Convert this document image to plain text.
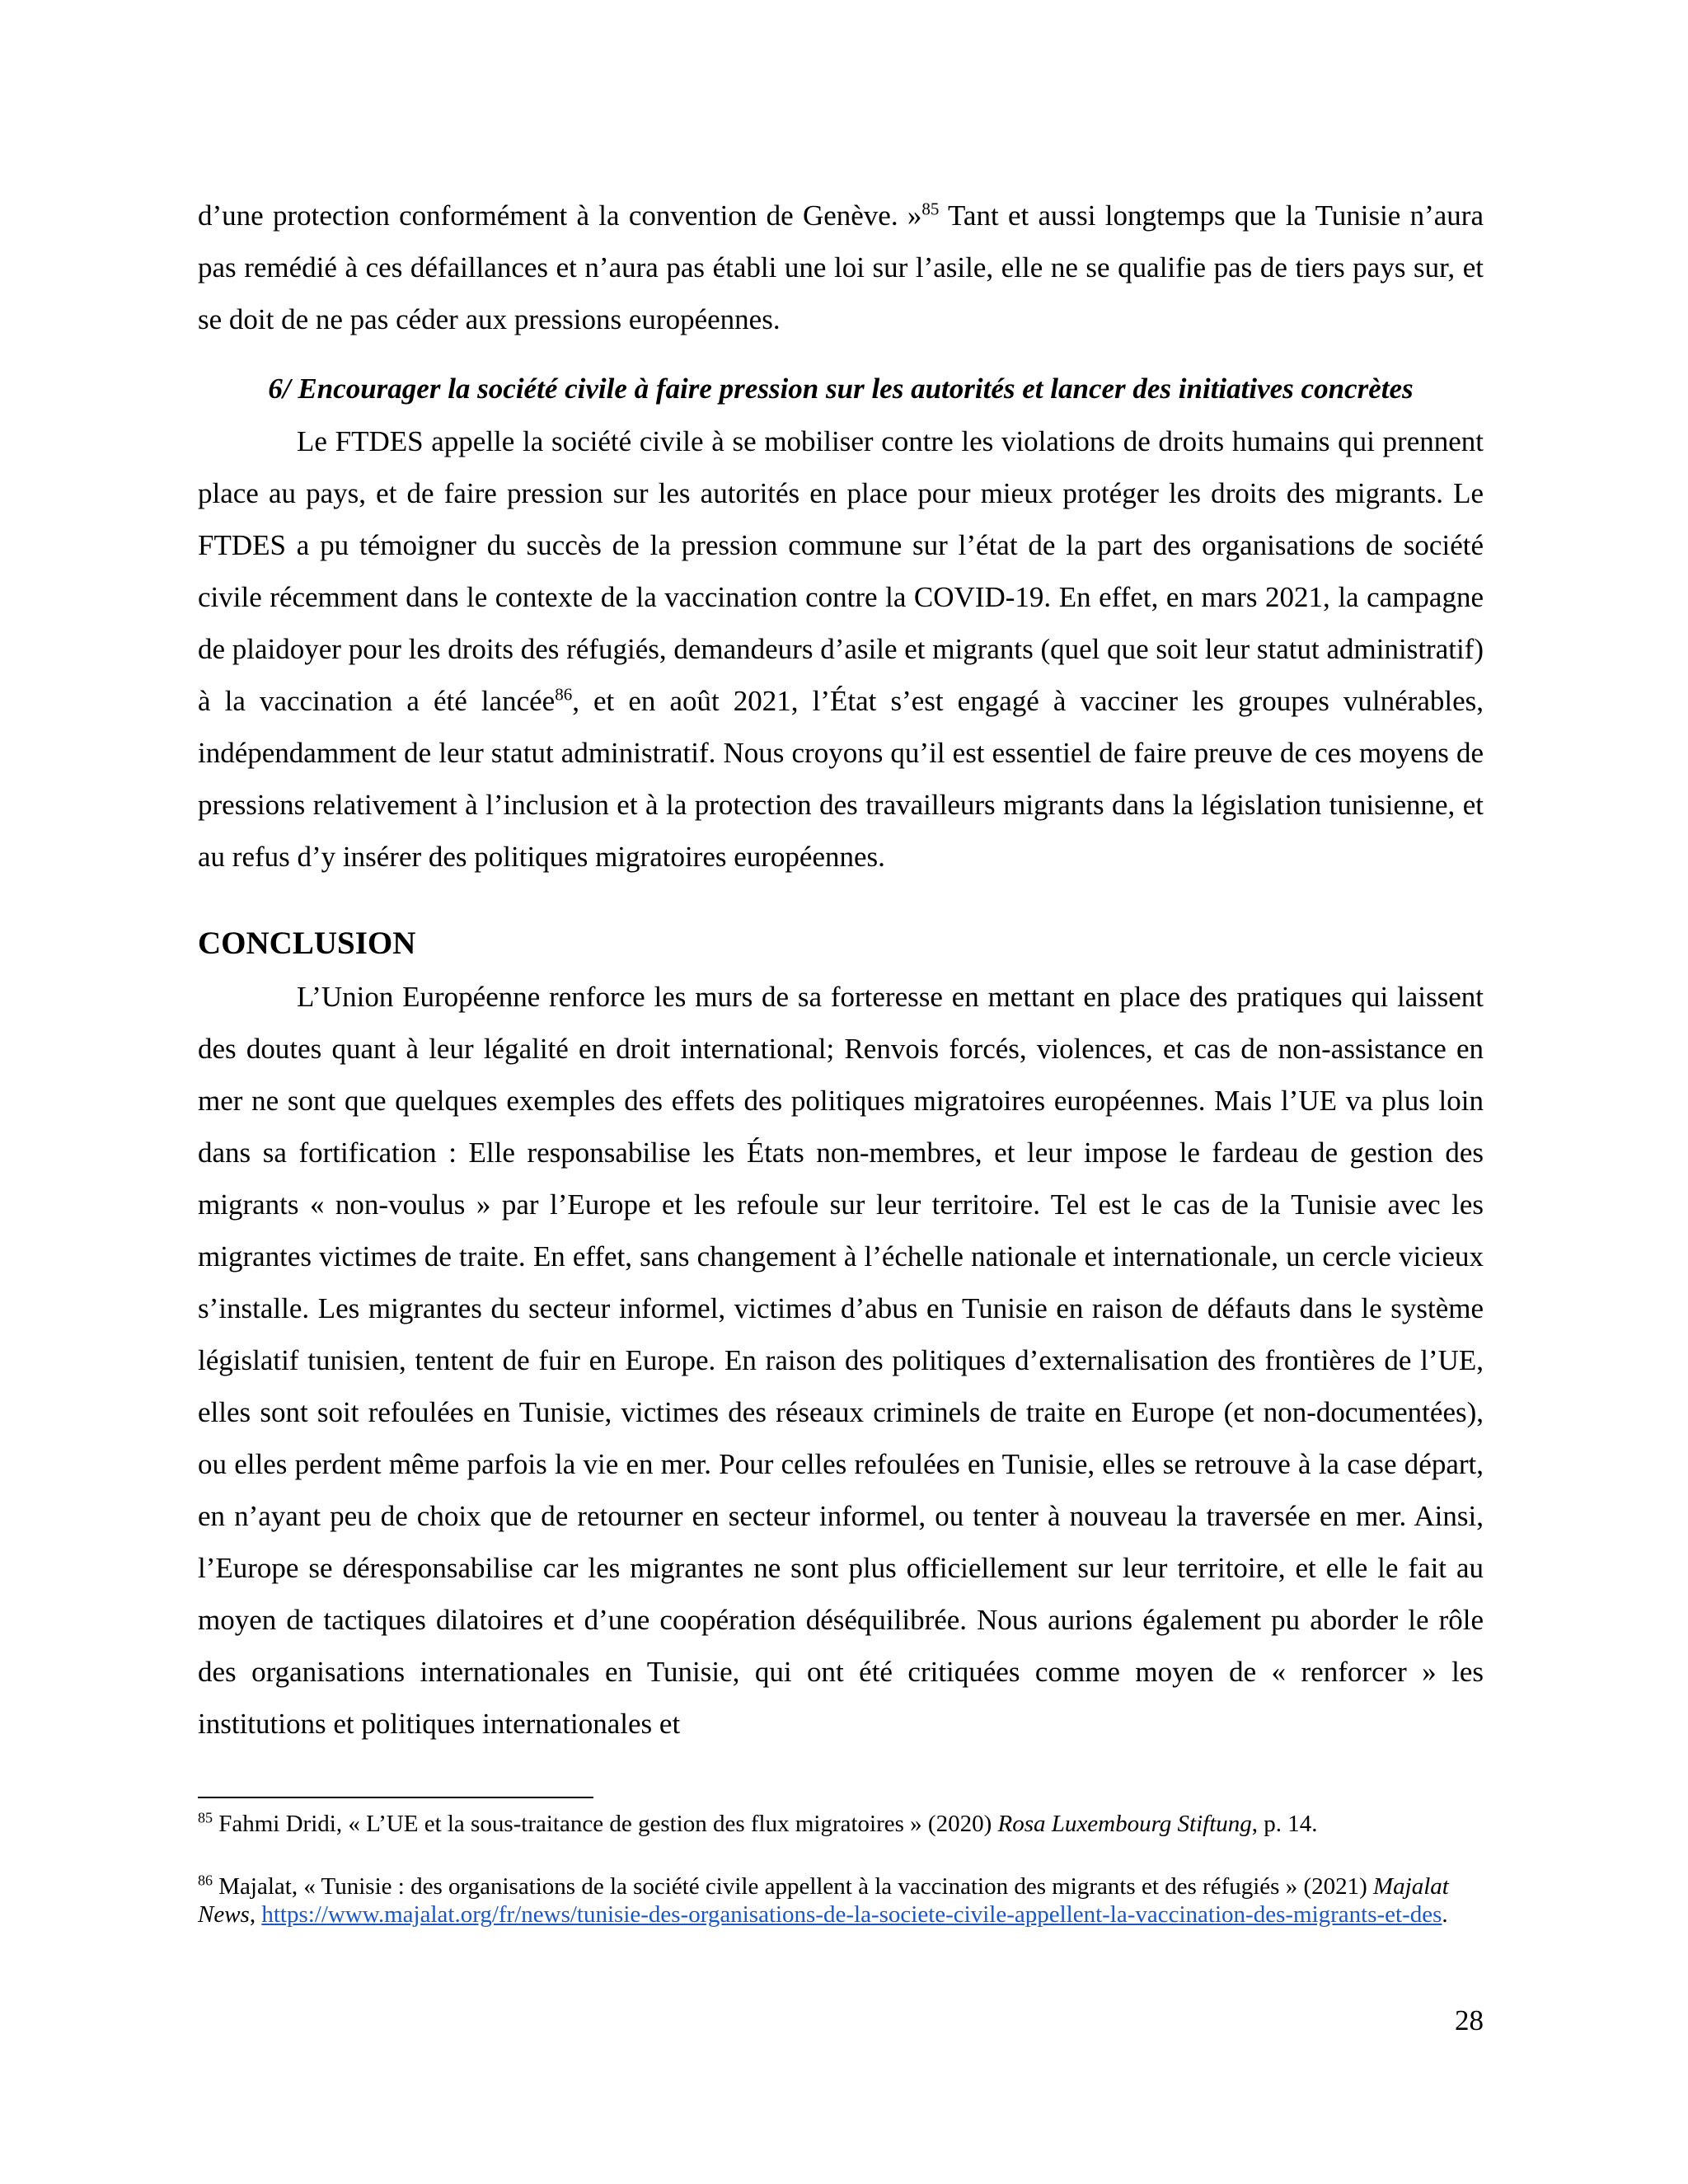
d’une protection conformément à la convention de Genève. »$^{85}$ Tant et aussi longtemps que la Tunisie n’aura pas remédié à ces défaillances et n’aura pas établi une loi sur l’asile, elle ne se qualifie pas de tiers pays sur, et se doit de ne pas céder aux pressions européennes.

6/ Encourager la société civile à faire pression sur les autorités et lancer des initiatives concrètes

Le FTDES appelle la société civile à se mobiliser contre les violations de droits humains qui prennent place au pays, et de faire pression sur les autorités en place pour mieux protéger les droits des migrants. Le FTDES a pu témoigner du succès de la pression commune sur l’état de la part des organisations de société civile récemment dans le contexte de la vaccination contre la COVID-19. En effet, en mars 2021, la campagne de plaidoyer pour les droits des réfugiés, demandeurs d’asile et migrants (quel que soit leur statut administratif) à la vaccination a été lancée$^{86}$, et en août 2021, l’État s’est engagé à vacciner les groupes vulnérables, indépendamment de leur statut administratif. Nous croyons qu’il est essentiel de faire preuve de ces moyens de pressions relativement à l’inclusion et à la protection des travailleurs migrants dans la législation tunisienne, et au refus d’y insérer des politiques migratoires européennes.

CONCLUSION

L’Union Européenne renforce les murs de sa forteresse en mettant en place des pratiques qui laissent des doutes quant à leur légalité en droit international; Renvois forcés, violences, et cas de non-assistance en mer ne sont que quelques exemples des effets des politiques migratoires européennes. Mais l’UE va plus loin dans sa fortification : Elle responsabilise les États non-membres, et leur impose le fardeau de gestion des migrants « non-voulus » par l’Europe et les refoule sur leur territoire. Tel est le cas de la Tunisie avec les migrantes victimes de traite. En effet, sans changement à l’échelle nationale et internationale, un cercle vicieux s’installe. Les migrantes du secteur informel, victimes d’abus en Tunisie en raison de défauts dans le système législatif tunisien, tentent de fuir en Europe. En raison des politiques d’externalisation des frontières de l’UE, elles sont soit refoulées en Tunisie, victimes des réseaux criminels de traite en Europe (et non-documentées), ou elles perdent même parfois la vie en mer. Pour celles refoulées en Tunisie, elles se retrouve à la case départ, en n’ayant peu de choix que de retourner en secteur informel, ou tenter à nouveau la traversée en mer. Ainsi, l’Europe se déresponsabilise car les migrantes ne sont plus officiellement sur leur territoire, et elle le fait au moyen de tactiques dilatoires et d’une coopération déséquilibrée. Nous aurions également pu aborder le rôle des organisations internationales en Tunisie, qui ont été critiquées comme moyen de « renforcer » les institutions et politiques internationales et

$^{85}$ Fahmi Dridi, « L’UE et la sous-traitance de gestion des flux migratoires » (2020) Rosa Luxembourg Stiftung, p. 14.

$^{86}$ Majalat, « Tunisie : des organisations de la société civile appellent à la vaccination des migrants et des réfugiés » (2021) Majalat News, https://www.majalat.org/fr/news/tunisie-des-organisations-de-la-societe-civile-appellent-la-vaccination-des-migrants-et-des.

28
